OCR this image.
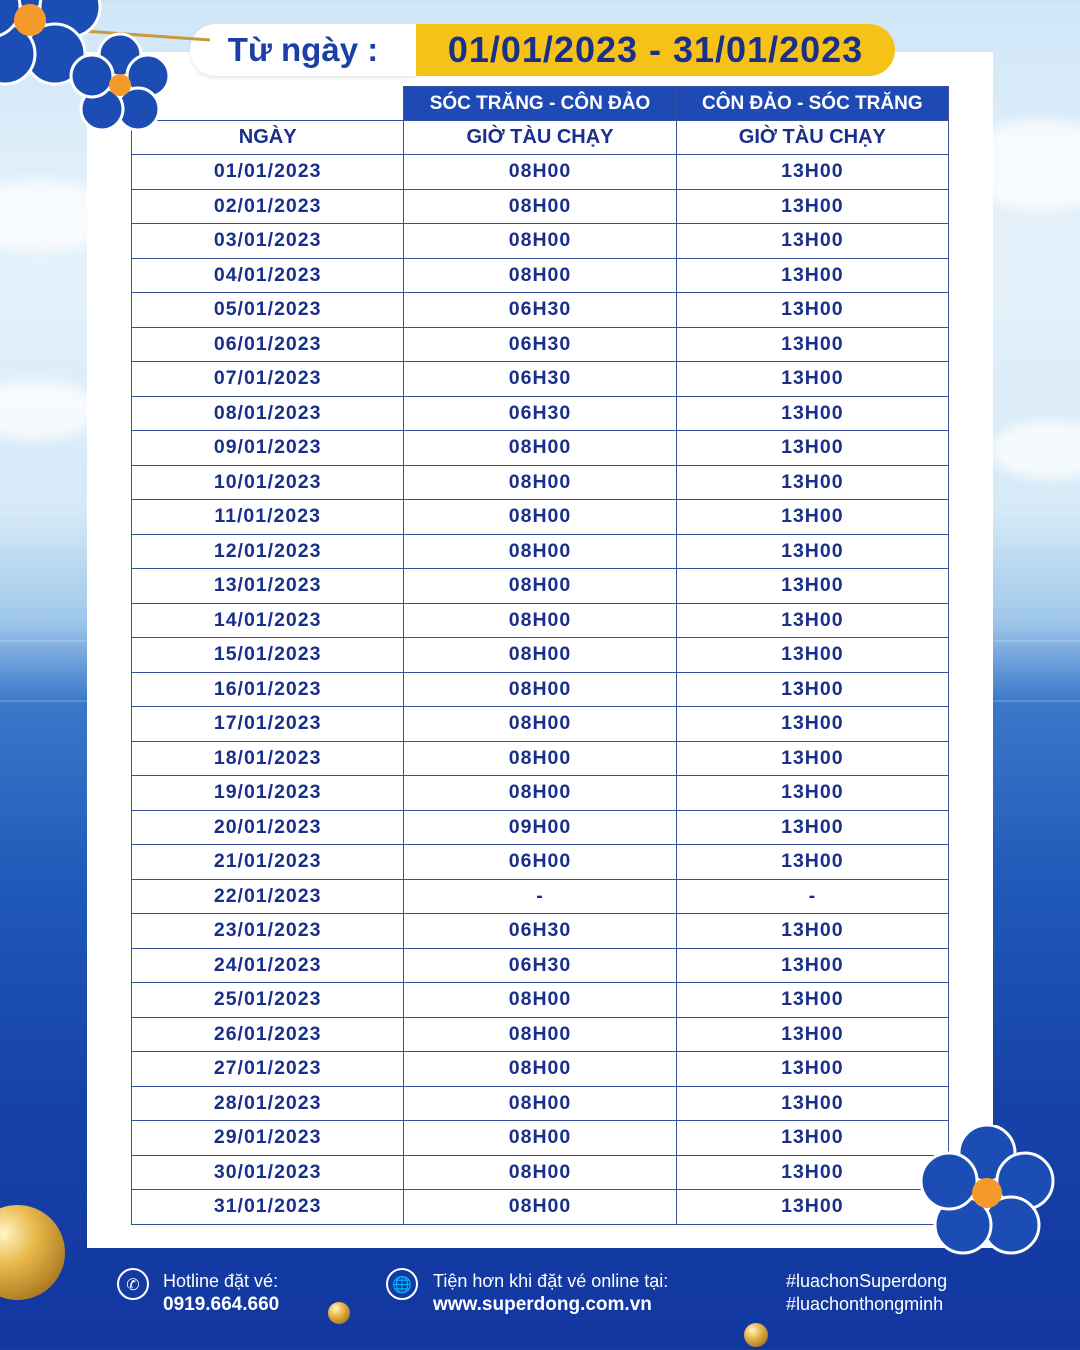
Từ ngày :	01/01/2023 - 31/01/2023
	SÓC TRĂNG - CÔN ĐẢO	CÔN ĐẢO - SÓC TRĂNG
NGÀY	GIỜ TÀU CHẠY	GIỜ TÀU CHẠY
01/01/2023	08H00	13H00
02/01/2023	08H00	13H00
03/01/2023	08H00	13H00
04/01/2023	08H00	13H00
05/01/2023	06H30	13H00
06/01/2023	06H30	13H00
07/01/2023	06H30	13H00
08/01/2023	06H30	13H00
09/01/2023	08H00	13H00
10/01/2023	08H00	13H00
11/01/2023	08H00	13H00
12/01/2023	08H00	13H00
13/01/2023	08H00	13H00
14/01/2023	08H00	13H00
15/01/2023	08H00	13H00
16/01/2023	08H00	13H00
17/01/2023	08H00	13H00
18/01/2023	08H00	13H00
19/01/2023	08H00	13H00
20/01/2023	09H00	13H00
21/01/2023	06H00	13H00
22/01/2023	-	-
23/01/2023	06H30	13H00
24/01/2023	06H30	13H00
25/01/2023	08H00	13H00
26/01/2023	08H00	13H00
27/01/2023	08H00	13H00
28/01/2023	08H00	13H00
29/01/2023	08H00	13H00
30/01/2023	08H00	13H00
31/01/2023	08H00	13H00
✆	Hotline đặt vé:
0919.664.660
🌐	Tiện hơn khi đặt vé online tại:
www.superdong.com.vn
#luachonSuperdong
#luachonthongminh
